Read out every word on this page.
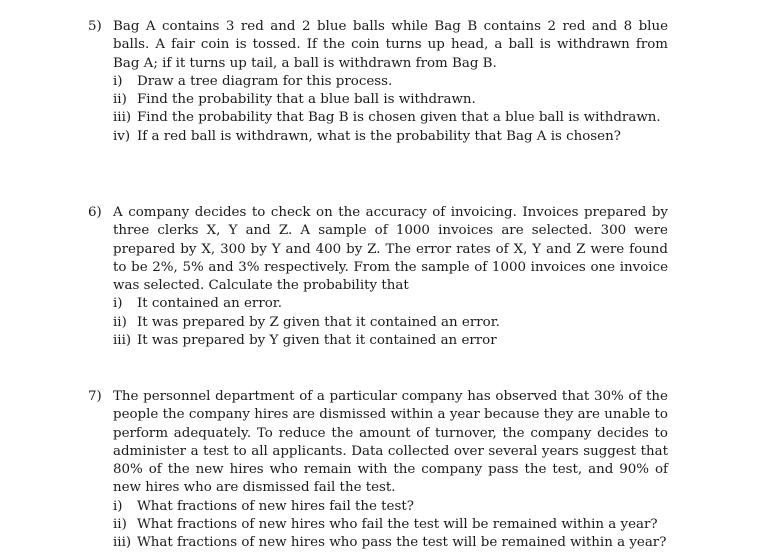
5) Bag A contains 3 red and 2 blue balls while Bag B contains 2 red and 8 blue balls. A fair coin is tossed. If the coin turns up head, a ball is withdrawn from Bag A; if it turns up tail, a ball is withdrawn from Bag B.
i) Draw a tree diagram for this process.
ii) Find the probability that a blue ball is withdrawn.
iii) Find the probability that Bag B is chosen given that a blue ball is withdrawn.
iv) If a red ball is withdrawn, what is the probability that Bag A is chosen?
6) A company decides to check on the accuracy of invoicing. Invoices prepared by three clerks X, Y and Z. A sample of 1000 invoices are selected. 300 were prepared by X, 300 by Y and 400 by Z. The error rates of X, Y and Z were found to be 2%, 5% and 3% respectively. From the sample of 1000 invoices one invoice was selected. Calculate the probability that
i) It contained an error.
ii) It was prepared by Z given that it contained an error.
iii) It was prepared by Y given that it contained an error
7) The personnel department of a particular company has observed that 30% of the people the company hires are dismissed within a year because they are unable to perform adequately. To reduce the amount of turnover, the company decides to administer a test to all applicants. Data collected over several years suggest that 80% of the new hires who remain with the company pass the test, and 90% of new hires who are dismissed fail the test.
i) What fractions of new hires fail the test?
ii) What fractions of new hires who fail the test will be remained within a year?
iii) What fractions of new hires who pass the test will be remained within a year?
